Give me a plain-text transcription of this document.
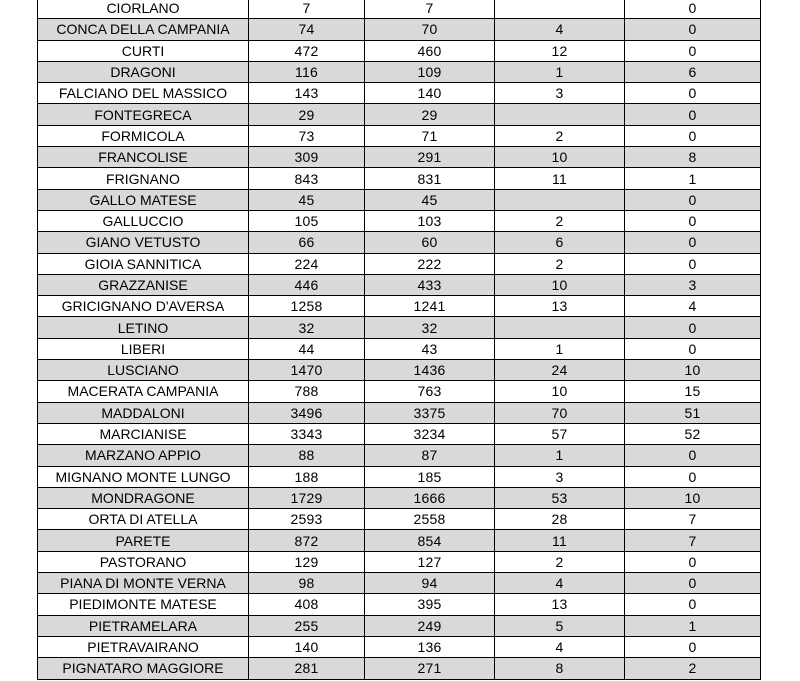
CIORLANO	7	7		0
CONCA DELLA CAMPANIA	74	70	4	0
CURTI	472	460	12	0
DRAGONI	116	109	1	6
FALCIANO DEL MASSICO	143	140	3	0
FONTEGRECA	29	29		0
FORMICOLA	73	71	2	0
FRANCOLISE	309	291	10	8
FRIGNANO	843	831	11	1
GALLO MATESE	45	45		0
GALLUCCIO	105	103	2	0
GIANO VETUSTO	66	60	6	0
GIOIA SANNITICA	224	222	2	0
GRAZZANISE	446	433	10	3
GRICIGNANO D'AVERSA	1258	1241	13	4
LETINO	32	32		0
LIBERI	44	43	1	0
LUSCIANO	1470	1436	24	10
MACERATA CAMPANIA	788	763	10	15
MADDALONI	3496	3375	70	51
MARCIANISE	3343	3234	57	52
MARZANO APPIO	88	87	1	0
MIGNANO MONTE LUNGO	188	185	3	0
MONDRAGONE	1729	1666	53	10
ORTA DI ATELLA	2593	2558	28	7
PARETE	872	854	11	7
PASTORANO	129	127	2	0
PIANA DI MONTE VERNA	98	94	4	0
PIEDIMONTE MATESE	408	395	13	0
PIETRAMELARA	255	249	5	1
PIETRAVAIRANO	140	136	4	0
PIGNATARO MAGGIORE	281	271	8	2
